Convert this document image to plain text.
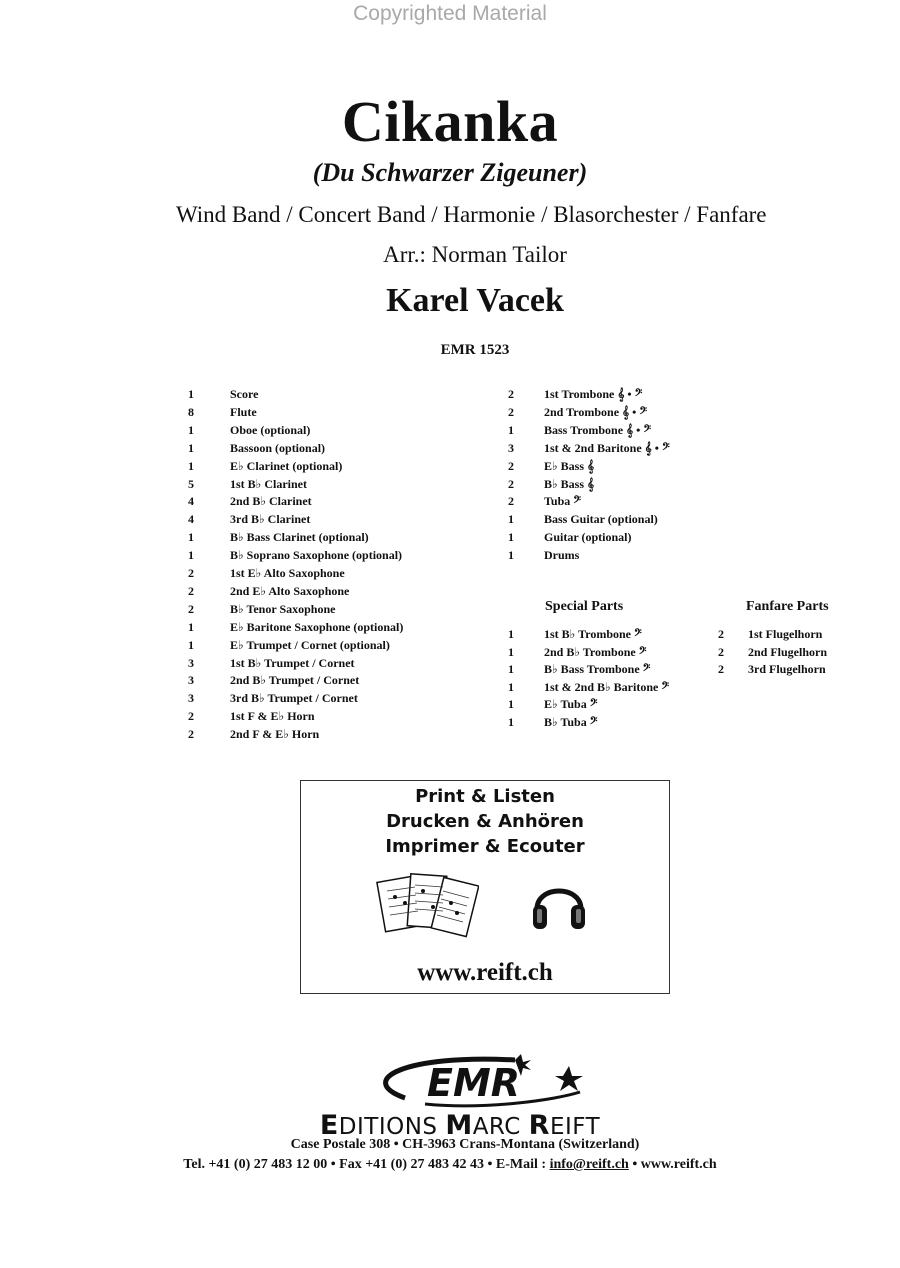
Copyrighted Material
Cikanka
(Du Schwarzer Zigeuner)
Wind Band / Concert Band / Harmonie / Blasorchester / Fanfare
Arr.: Norman Tailor
Karel Vacek
EMR 1523
1	Score
8	Flute
1	Oboe (optional)
1	Bassoon (optional)
1	E♭ Clarinet (optional)
5	1st B♭ Clarinet
4	2nd B♭ Clarinet
4	3rd B♭ Clarinet
1	B♭ Bass Clarinet (optional)
1	B♭ Soprano Saxophone (optional)
2	1st E♭ Alto Saxophone
2	2nd E♭ Alto Saxophone
2	B♭ Tenor Saxophone
1	E♭ Baritone Saxophone (optional)
1	E♭ Trumpet / Cornet (optional)
3	1st B♭ Trumpet / Cornet
3	2nd B♭ Trumpet / Cornet
3	3rd B♭ Trumpet / Cornet
2	1st F & E♭ Horn
2	2nd F & E♭ Horn
2	1st Trombone 𝄞 • 𝄢
2	2nd Trombone 𝄞 • 𝄢
1	Bass Trombone 𝄞 • 𝄢
3	1st & 2nd Baritone 𝄞 • 𝄢
2	E♭ Bass 𝄞
2	B♭ Bass 𝄞
2	Tuba 𝄢
1	Bass Guitar (optional)
1	Guitar (optional)
1	Drums
Special Parts	Fanfare Parts
1	1st B♭ Trombone 𝄢
1	2nd B♭ Trombone 𝄢
1	B♭ Bass Trombone 𝄢
1	1st & 2nd B♭ Baritone 𝄢
1	E♭ Tuba 𝄢
1	B♭ Tuba 𝄢
2	1st Flugelhorn
2	2nd Flugelhorn
2	3rd Flugelhorn
Print & Listen
Drucken & Anhören
Imprimer & Ecouter
www.reift.ch
EMR
EDITIONS MARC REIFT
Case Postale 308 • CH-3963 Crans-Montana (Switzerland)
Tel. +41 (0) 27 483 12 00 • Fax +41 (0) 27 483 42 43 • E-Mail : info@reift.ch • www.reift.ch
